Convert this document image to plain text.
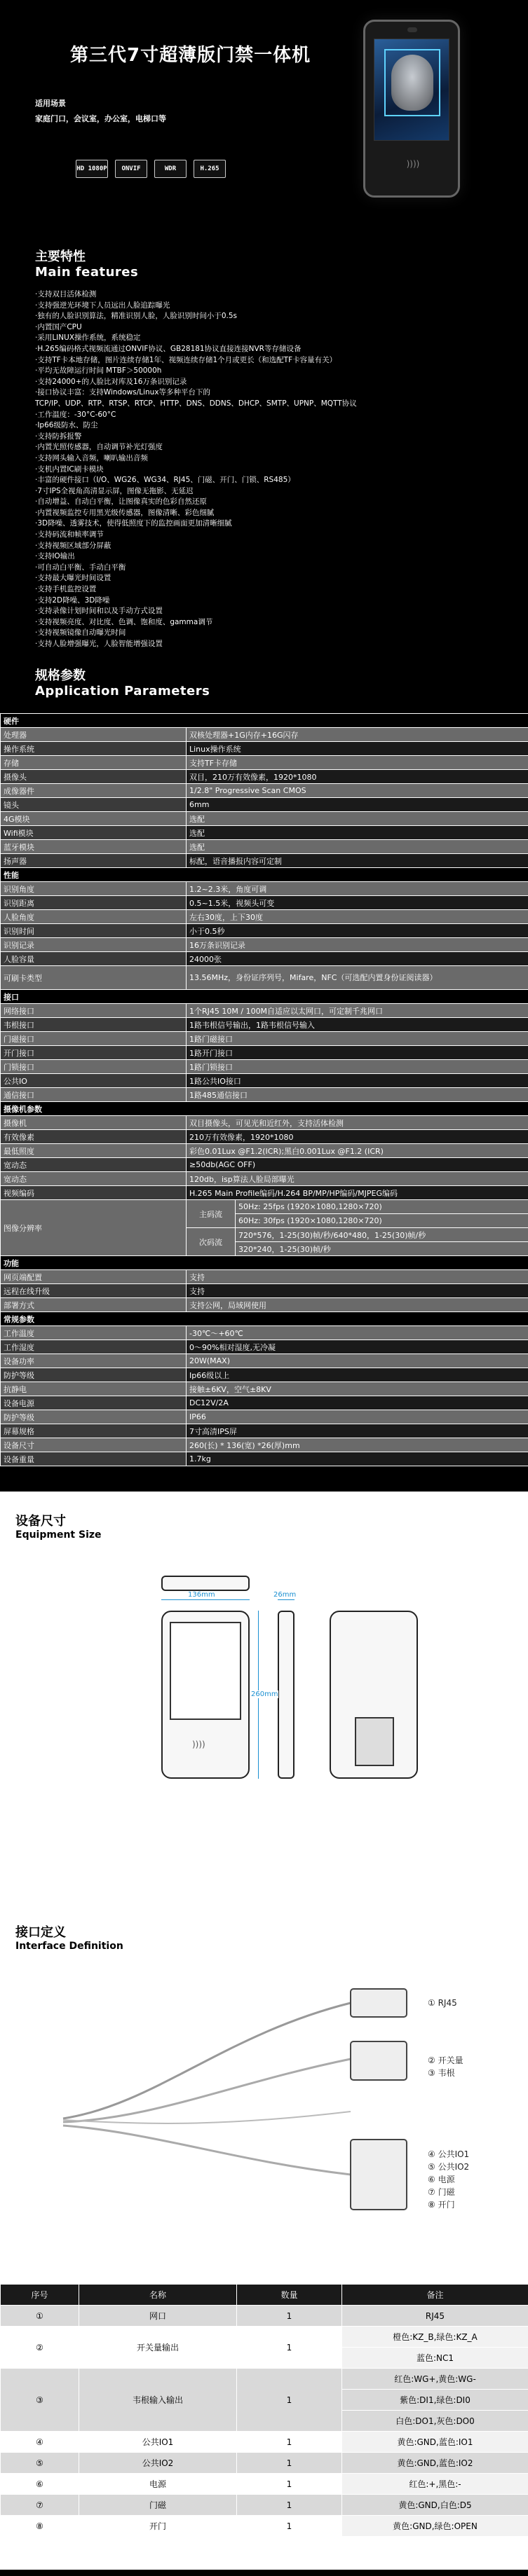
第三代7寸超薄版门禁一体机
适用场景
家庭门口，会议室，办公室，电梯口等
HD 1080P	ONVIF	WDR	H.265	))))
主要特性
Main features
·支持双目活体检测
·支持强逆光环境下人员远出人脸追踪曝光
·独有的人脸识别算法，精准识别人脸，人脸识别时间小于0.5s
·内置国产CPU
·采用LINUX操作系统，系统稳定
·H.265编码格式视频流通过ONVIF协议、GB28181协议直接连接NVR等存储设备
·支持TF卡本地存储，图片连续存储1年、视频连续存储1个月或更长（和选配TF卡容量有关）
·平均无故障运行时间 MTBF＞50000h
·支持24000+的人脸比对库及16万条识别记录
·接口协议丰富：支持Windows/Linux等多种平台下的
TCP/IP、UDP、RTP、RTSP、RTCP、HTTP、DNS、DDNS、DHCP、SMTP、UPNP、MQTT协议
·工作温度：-30°C-60°C
·Ip66级防水、防尘
·支持防拆报警
·内置光照传感器，自动调节补光灯强度
·支持网头输入音频，喇叭输出音频
·支机内置IC刷卡模块
·丰富的硬件接口（I/O、WG26、WG34、RJ45、门磁、开门、门锁、RS485）
·7寸IPS全视角高清显示屏，图像无拖影、无延迟
·自动增益、自动白平衡，让图像真实的色彩自然还原
·内置视频监控专用黑光级传感器，图像清晰、彩色细腻
·3D降噪、透雾技术，使得低照度下的监控画面更加清晰细腻
·支持码流和帧率调节
·支持视频区域部分屏蔽
·支持IO输出
·可自动白平衡、手动白平衡
·支持最大曝光时间设置
·支持手机监控设置
·支持2D降噪、3D降噪
·支持录像计划时间和以及手动方式设置
·支持视频亮度、对比度、色调、饱和度、gamma调节
·支持视频镜像自动曝光时间
·支持人脸增强曝光，人脸智能增强设置
规格参数
Application Parameters
硬件		
处理器	双核处理器+1G内存+16G闪存	
操作系统	Linux操作系统	
存储	支持TF卡存储	
摄像头	双目，210万有效像素，1920*1080	
成像器件	1/2.8" Progressive Scan CMOS	
镜头	6mm	
4G模块	选配	
Wifi模块	选配	
蓝牙模块	选配	
扬声器	标配，语音播报内容可定制	
性能		
识别角度	1.2~2.3米，角度可调	
识别距离	0.5~1.5米，视频头可变	
人脸角度	左右30度，上下30度	
识别时间	小于0.5秒	
识别记录	16万条识别记录	
人脸容量	24000张	
可刷卡类型	13.56MHz，身份证序列号，Mifare，NFC（可选配内置身份证阅读器）	
接口		
网络接口	1个RJ45 10M / 100M自适应以太网口，可定制千兆网口	
韦根接口	1路韦根信号输出，1路韦根信号输入	
门磁接口	1路门磁接口	
开门接口	1路开门接口	
门锁接口	1路门锁接口	
公共IO	1路公共IO接口	
通信接口	1路485通信接口	
摄像机参数		
摄像机	双目摄像头，可见光和近红外，支持活体检测	
有效像素	210万有效像素，1920*1080	
最低照度	彩色0.01Lux @F1.2(ICR);黑白0.001Lux @F1.2 (ICR)	
宽动态	≥50db(AGC OFF)	
宽动态	120db，isp算法人脸局部曝光	
视频编码	H.265 Main Profile编码/H.264 BP/MP/HP编码/MJPEG编码	
图像分辨率	主码流	50Hz: 25fps (1920×1080,1280×720)
		60Hz: 30fps (1920×1080,1280×720)
	次码流	720*576，1-25(30)帧/秒/640*480，1-25(30)帧/秒
		320*240，1-25(30)帧/秒
功能		
网页端配置	支持	
远程在线升级	支持	
部署方式	支持公网，局域网使用	
常规参数		
工作温度	-30℃～+60℃	
工作湿度	0～90%相对湿度,无冷凝	
设备功率	20W(MAX)	
防护等级	Ip66级以上	
抗静电	接触±6KV，空气±8KV	
设备电源	DC12V/2A	
防护等级	IP66	
屏幕规格	7寸高清IPS屏	
设备尺寸	260(长) * 136(宽) *26(厚)mm	
设备重量	1.7kg	
设备尺寸
Equipment Size
))))
136mm	26mm
260mm
接口定义
Interface Definition
① RJ45
② 开关量
③ 韦根
④ 公共IO1
⑤ 公共IO2
⑥ 电源
⑦ 门磁
⑧ 开门
序号	名称	数量	备注
①	网口	1	RJ45
②	开关量输出	1	橙色:KZ_B,绿色:KZ_A
			蓝色:NC1
③	韦根输入输出	1	红色:WG+,黄色:WG-
			紫色:DI1,绿色:DI0
			白色:DO1,灰色:DO0
④	公共IO1	1	黄色:GND,蓝色:IO1
⑤	公共IO2	1	黄色:GND,蓝色:IO2
⑥	电源	1	红色:+,黑色:-
⑦	门磁	1	黄色:GND,白色:D5
⑧	开门	1	黄色:GND,绿色:OPEN
